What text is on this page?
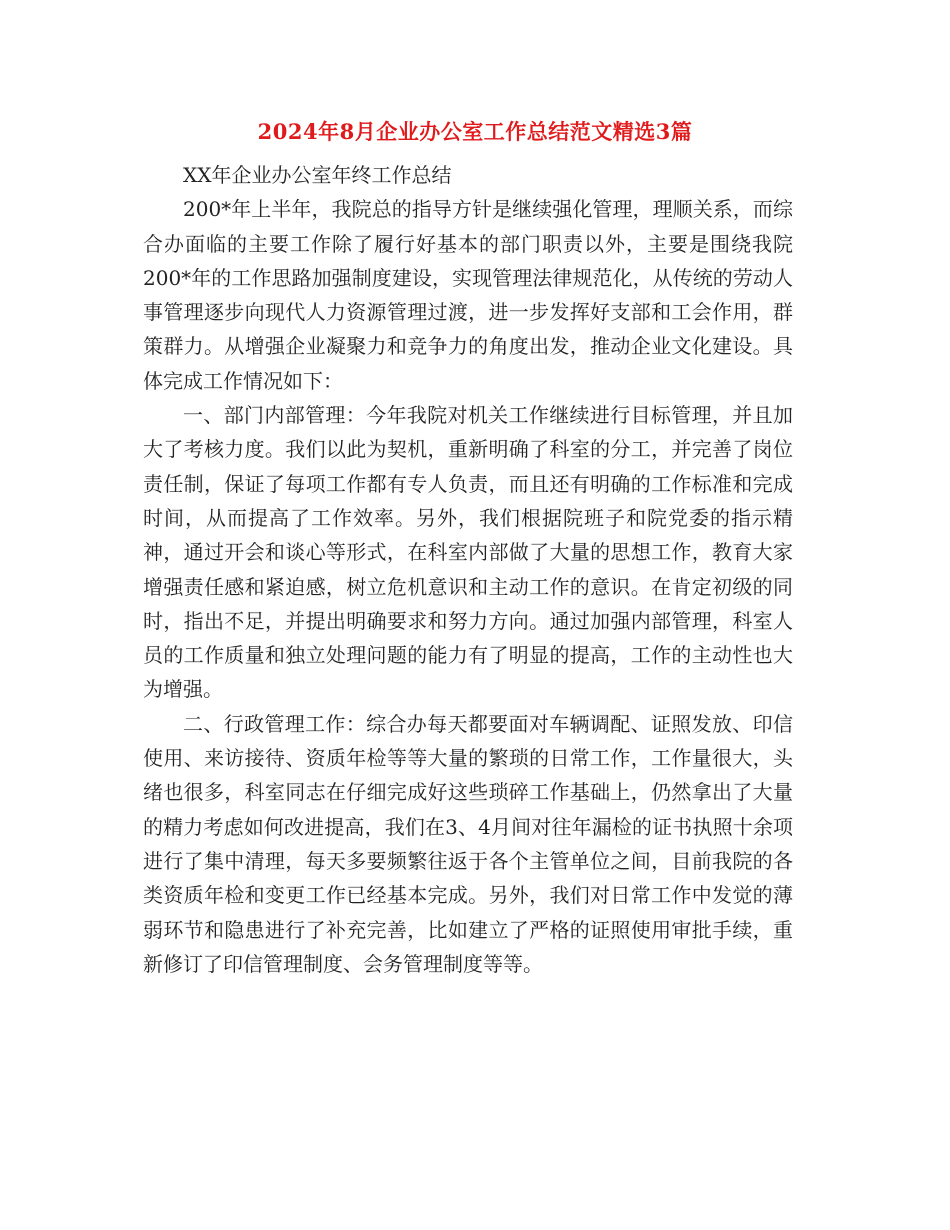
2024年8月企业办公室工作总结范文精选3篇

XX年企业办公室年终工作总结

200*年上半年，我院总的指导方针是继续强化管理，理顺关系，而综合办面临的主要工作除了履行好基本的部门职责以外，主要是围绕我院200*年的工作思路加强制度建设，实现管理法律规范化，从传统的劳动人事管理逐步向现代人力资源管理过渡，进一步发挥好支部和工会作用，群策群力。从增强企业凝聚力和竞争力的角度出发，推动企业文化建设。具体完成工作情况如下：

一、部门内部管理：今年我院对机关工作继续进行目标管理，并且加大了考核力度。我们以此为契机，重新明确了科室的分工，并完善了岗位责任制，保证了每项工作都有专人负责，而且还有明确的工作标准和完成时间，从而提高了工作效率。另外，我们根据院班子和院党委的指示精神，通过开会和谈心等形式，在科室内部做了大量的思想工作，教育大家增强责任感和紧迫感，树立危机意识和主动工作的意识。在肯定初级的同时，指出不足，并提出明确要求和努力方向。通过加强内部管理，科室人员的工作质量和独立处理问题的能力有了明显的提高，工作的主动性也大为增强。

二、行政管理工作：综合办每天都要面对车辆调配、证照发放、印信使用、来访接待、资质年检等等大量的繁琐的日常工作，工作量很大，头绪也很多，科室同志在仔细完成好这些琐碎工作基础上，仍然拿出了大量的精力考虑如何改进提高，我们在3、4月间对往年漏检的证书执照十余项进行了集中清理，每天多要频繁往返于各个主管单位之间，目前我院的各类资质年检和变更工作已经基本完成。另外，我们对日常工作中发觉的薄弱环节和隐患进行了补充完善，比如建立了严格的证照使用审批手续，重新修订了印信管理制度、会务管理制度等等。
